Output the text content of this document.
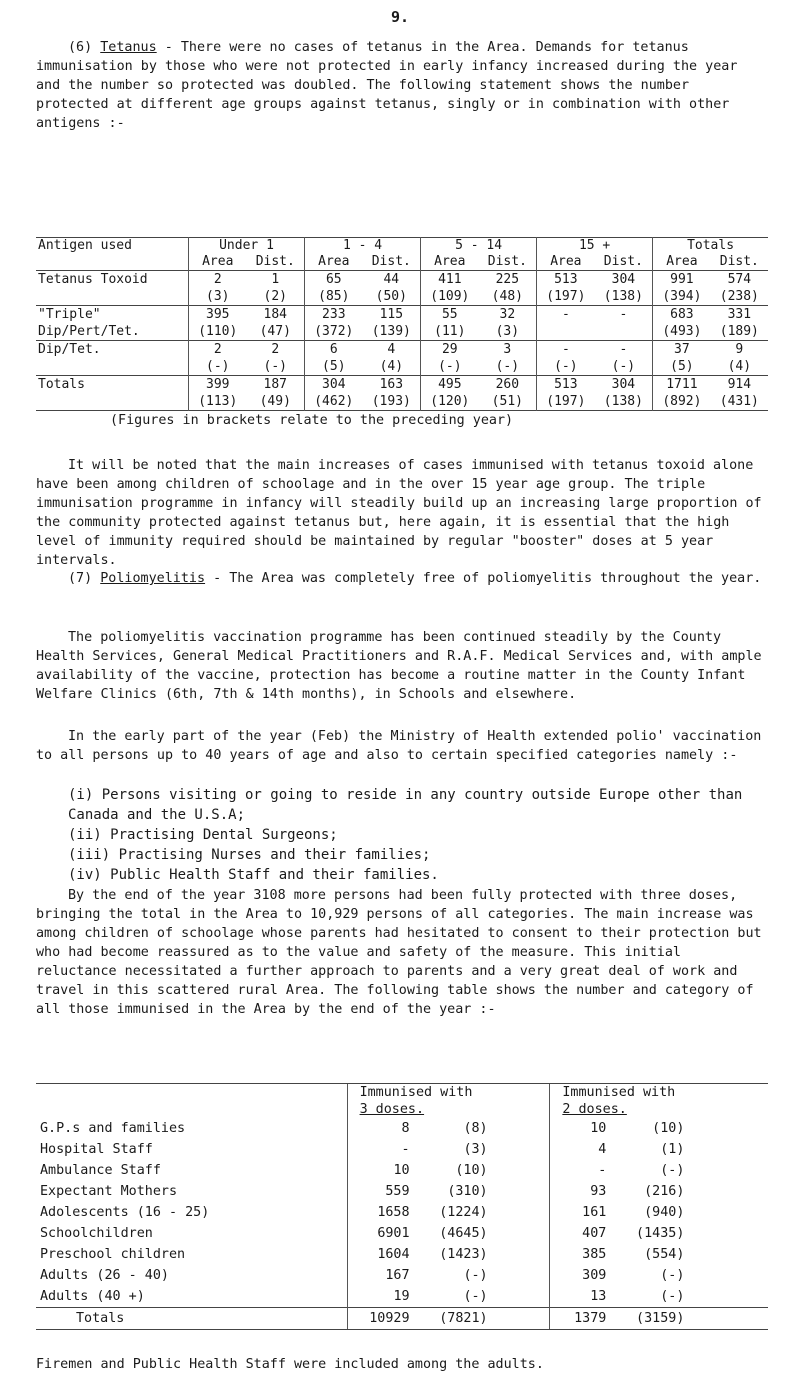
9.
(6) Tetanus - There were no cases of tetanus in the Area. Demands for tetanus immunisation by those who were not protected in early infancy increased during the year and the number so protected was doubled. The following statement shows the number protected at different age groups against tetanus, singly or in combination with other antigens :-
Antigen used	Under 1		1 - 4		5 - 14		15 +		Totals	
	Area	Dist.	Area	Dist.	Area	Dist.	Area	Dist.	Area	Dist.
Tetanus Toxoid	2	1	65	44	411	225	513	304	991	574
	(3)	(2)	(85)	(50)	(109)	(48)	(197)	(138)	(394)	(238)
"Triple"	395	184	233	115	55	32	-	-	683	331
Dip/Pert/Tet.	(110)	(47)	(372)	(139)	(11)	(3)			(493)	(189)
Dip/Tet.	2	2	6	4	29	3	-	-	37	9
	(-)	(-)	(5)	(4)	(-)	(-)	(-)	(-)	(5)	(4)
Totals	399	187	304	163	495	260	513	304	1711	914
	(113)	(49)	(462)	(193)	(120)	(51)	(197)	(138)	(892)	(431)
(Figures in brackets relate to the preceding year)
It will be noted that the main increases of cases immunised with tetanus toxoid alone have been among children of schoolage and in the over 15 year age group. The triple immunisation programme in infancy will steadily build up an increasing large proportion of the community protected against tetanus but, here again, it is essential that the high level of immunity required should be maintained by regular "booster" doses at 5 year intervals.
(7) Poliomyelitis - The Area was completely free of poliomyelitis throughout the year.
The poliomyelitis vaccination programme has been continued steadily by the County Health Services, General Medical Practitioners and R.A.F. Medical Services and, with ample availability of the vaccine, protection has become a routine matter in the County Infant Welfare Clinics (6th, 7th & 14th months), in Schools and elsewhere.
In the early part of the year (Feb) the Ministry of Health extended polio' vaccination to all persons up to 40 years of age and also to certain specified categories namely :-
(i) Persons visiting or going to reside in any country outside Europe other than Canada and the U.S.A;
(ii) Practising Dental Surgeons;
(iii) Practising Nurses and their families;
(iv) Public Health Staff and their families.
By the end of the year 3108 more persons had been fully protected with three doses, bringing the total in the Area to 10,929 persons of all categories. The main increase was among children of schoolage whose parents had hesitated to consent to their protection but who had become reassured as to the value and safety of the measure. This initial reluctance necessitated a further approach to parents and a very great deal of work and travel in this scattered rural Area. The following table shows the number and category of all those immunised in the Area by the end of the year :-
	Immunised with	Immunised with
	3 doses.	2 doses.
G.P.s and families	8 (8)	10 (10)
Hospital Staff	- (3)	4 (1)
Ambulance Staff	10 (10)	- (-)
Expectant Mothers	559 (310)	93 (216)
Adolescents (16 - 25)	1658 (1224)	161 (940)
Schoolchildren	6901 (4645)	407 (1435)
Preschool children	1604 (1423)	385 (554)
Adults (26 - 40)	167 (-)	309 (-)
Adults (40 +)	19 (-)	13 (-)
Totals	10929 (7821)	1379 (3159)
Firemen and Public Health Staff were included among the adults.
